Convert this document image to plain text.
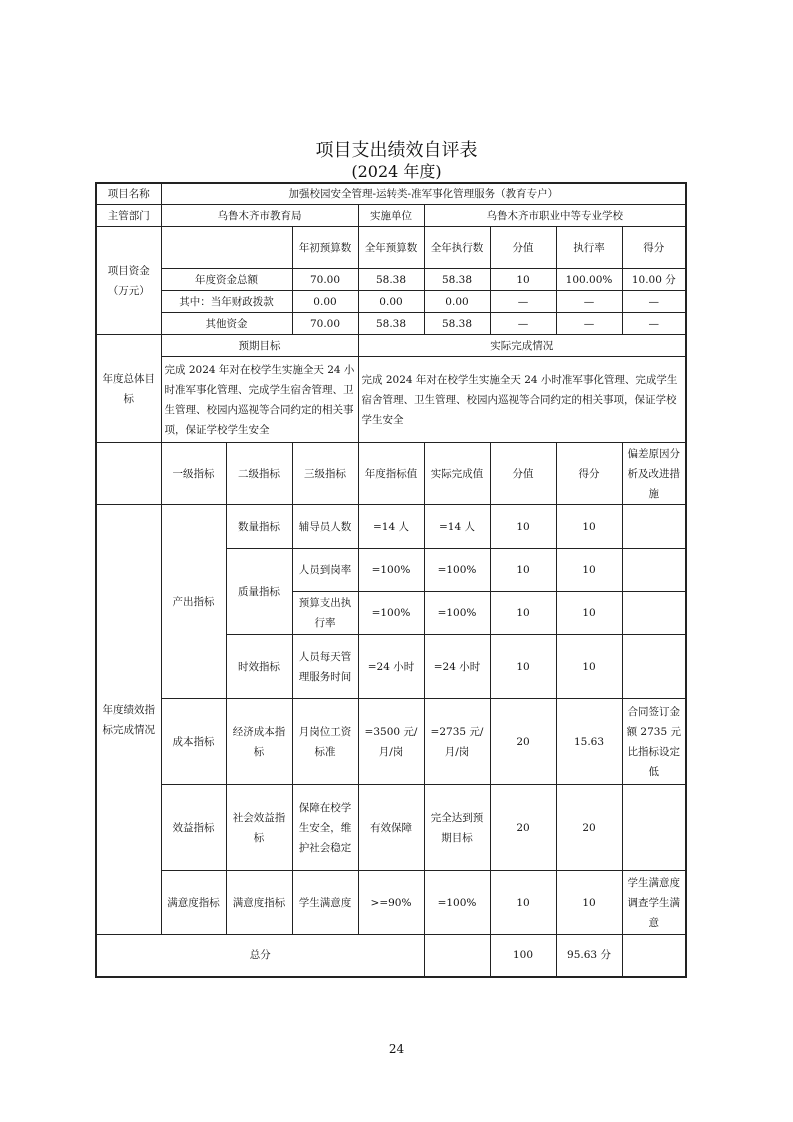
项目支出绩效自评表
(2024 年度)
项目名称	加强校园安全管理-运转类-准军事化管理服务（教育专户）							
主管部门	乌鲁木齐市教育局			实施单位	乌鲁木齐市职业中等专业学校			
项目资金（万元）			年初预算数	全年预算数	全年执行数	分值	执行率	得分
	年度资金总额		70.00	58.38	58.38	10	100.00%	10.00 分
	其中：当年财政拨款		0.00	0.00	0.00	—	—	—
	其他资金		70.00	58.38	58.38	—	—	—
年度总体目标	预期目标			实际完成情况				
	完成 2024 年对在校学生实施全天 24 小时准军事化管理、完成学生宿舍管理、卫生管理、校园内巡视等合同约定的相关事项，保证学校学生安全			完成 2024 年对在校学生实施全天 24 小时准军事化管理、完成学生宿舍管理、卫生管理、校园内巡视等合同约定的相关事项，保证学校学生安全				
	一级指标	二级指标	三级指标	年度指标值	实际完成值	分值	得分	偏差原因分析及改进措施
年度绩效指标完成情况	产出指标	数量指标	辅导员人数	=14 人	=14 人	10	10	
		质量指标	人员到岗率	=100%	=100%	10	10	
			预算支出执行率	=100%	=100%	10	10	
		时效指标	人员每天管理服务时间	=24 小时	=24 小时	10	10	
	成本指标	经济成本指标	月岗位工资标准	=3500 元/月/岗	=2735 元/月/岗	20	15.63	合同签订金额 2735 元比指标设定低
	效益指标	社会效益指标	保障在校学生安全，维护社会稳定	有效保障	完全达到预期目标	20	20	
	满意度指标	满意度指标	学生满意度	>=90%	=100%	10	10	学生满意度调查学生满意
总分						100	95.63 分	
24
